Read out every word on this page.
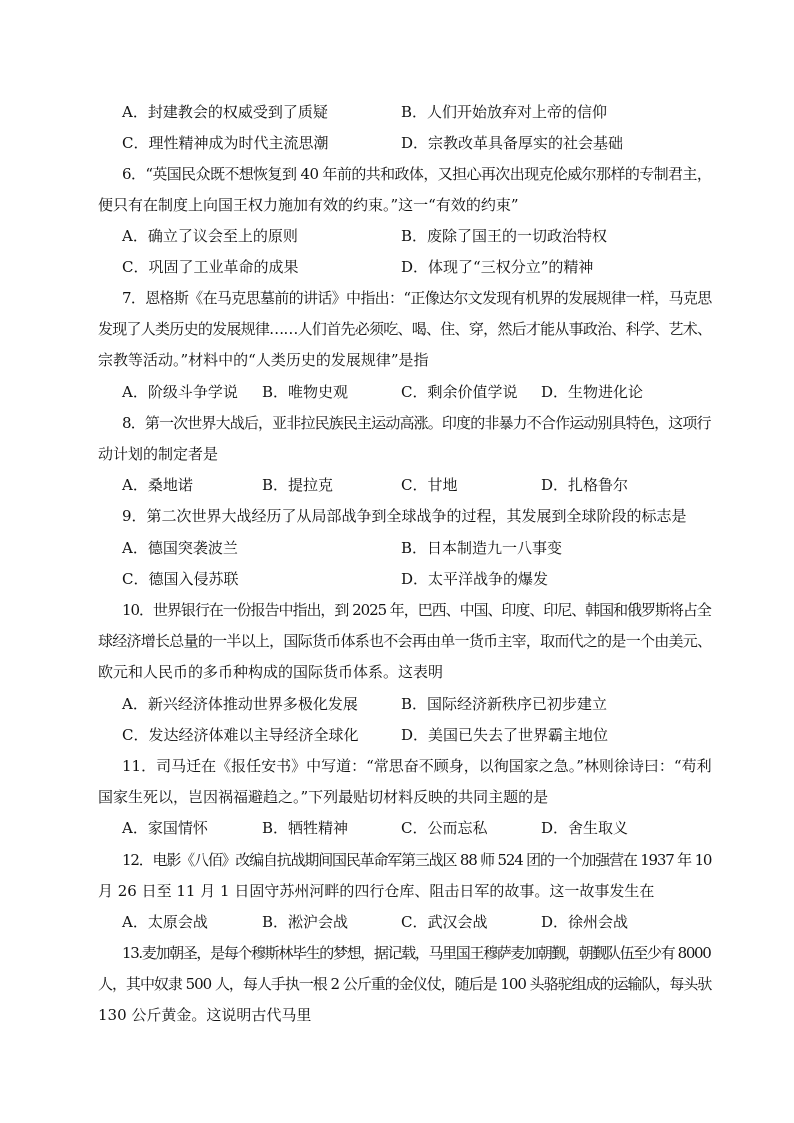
A．封建教会的权威受到了质疑	B．人们开始放弃对上帝的信仰
C．理性精神成为时代主流思潮	D．宗教改革具备厚实的社会基础
6．“英国民众既不想恢复到 40 年前的共和政体，又担心再次出现克伦威尔那样的专制君主，
便只有在制度上向国王权力施加有效的约束。”这一“有效的约束”
A．确立了议会至上的原则	B．废除了国王的一切政治特权
C．巩固了工业革命的成果	D．体现了“三权分立”的精神
7．恩格斯《在马克思墓前的讲话》中指出：“正像达尔文发现有机界的发展规律一样，马克思
发现了人类历史的发展规律……人们首先必须吃、喝、住、穿，然后才能从事政治、科学、艺术、
宗教等活动。”材料中的“人类历史的发展规律”是指
A．阶级斗争学说 B．唯物史观	C．剩余价值学说 D．生物进化论
8．第一次世界大战后，亚非拉民族民主运动高涨。印度的非暴力不合作运动别具特色，这项行
动计划的制定者是
A．桑地诺	B．提拉克	C．甘地	D．扎格鲁尔
9．第二次世界大战经历了从局部战争到全球战争的过程，其发展到全球阶段的标志是
A．德国突袭波兰	B．日本制造九一八事变
C．德国入侵苏联	D．太平洋战争的爆发
10．世界银行在一份报告中指出，到 2025 年，巴西、中国、印度、印尼、韩国和俄罗斯将占全
球经济增长总量的一半以上，国际货币体系也不会再由单一货币主宰，取而代之的是一个由美元、
欧元和人民币的多币种构成的国际货币体系。这表明
A．新兴经济体推动世界多极化发展	B．国际经济新秩序已初步建立
C．发达经济体难以主导经济全球化	D．美国已失去了世界霸主地位
11．司马迁在《报任安书》中写道：“常思奋不顾身，以徇国家之急。”林则徐诗曰：“苟利
国家生死以，岂因祸福避趋之。”下列最贴切材料反映的共同主题的是
A．家国情怀	B．牺牲精神	C．公而忘私	D．舍生取义
12．电影《八佰》改编自抗战期间国民革命军第三战区 88 师 524 团的一个加强营在 1937 年 10
月 26 日至 11 月 1 日固守苏州河畔的四行仓库、阻击日军的故事。这一故事发生在
A．太原会战	B．淞沪会战	C．武汉会战	D．徐州会战
13.麦加朝圣，是每个穆斯林毕生的梦想，据记载，马里国王穆萨麦加朝觐，朝觐队伍至少有 8000
人，其中奴隶 500 人，每人手执一根 2 公斤重的金仪仗，随后是 100 头骆驼组成的运输队，每头驮
130 公斤黄金。这说明古代马里
